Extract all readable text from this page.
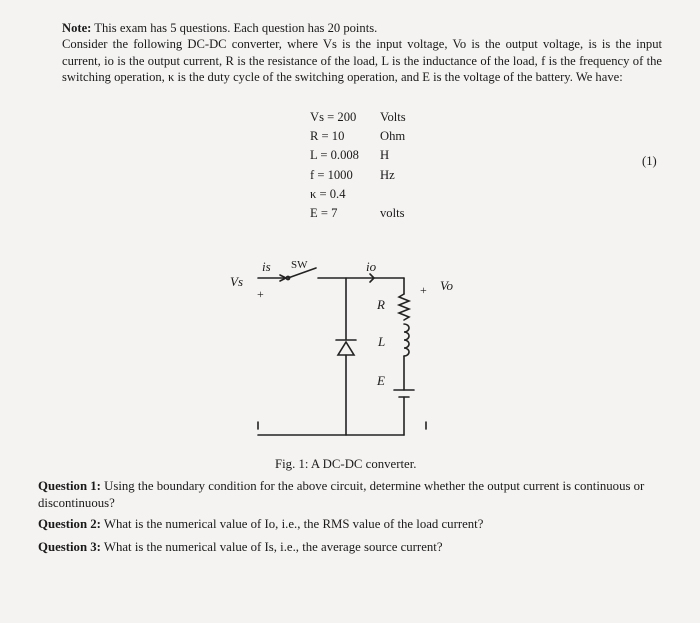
Note: This exam has 5 questions. Each question has 20 points.
Consider the following DC-DC converter, where Vs is the input voltage, Vo is the output voltage, is is the input current, io is the output current, R is the resistance of the load, L is the inductance of the load, f is the frequency of the switching operation, κ is the duty cycle of the switching operation, and E is the voltage of the battery. We have:
Vs = 200 Volts
R = 10	Ohm
L = 0.008 H
f = 1000 Hz
κ = 0.4
E = 7	volts
(1)
is SW	io
Vs
+	+ Vo
R
L
E
Fig. 1: A DC-DC converter.
Question 1: Using the boundary condition for the above circuit, determine whether the output current is continuous or discontinuous?
Question 2: What is the numerical value of Io, i.e., the RMS value of the load current?
Question 3: What is the numerical value of Is, i.e., the average source current?
